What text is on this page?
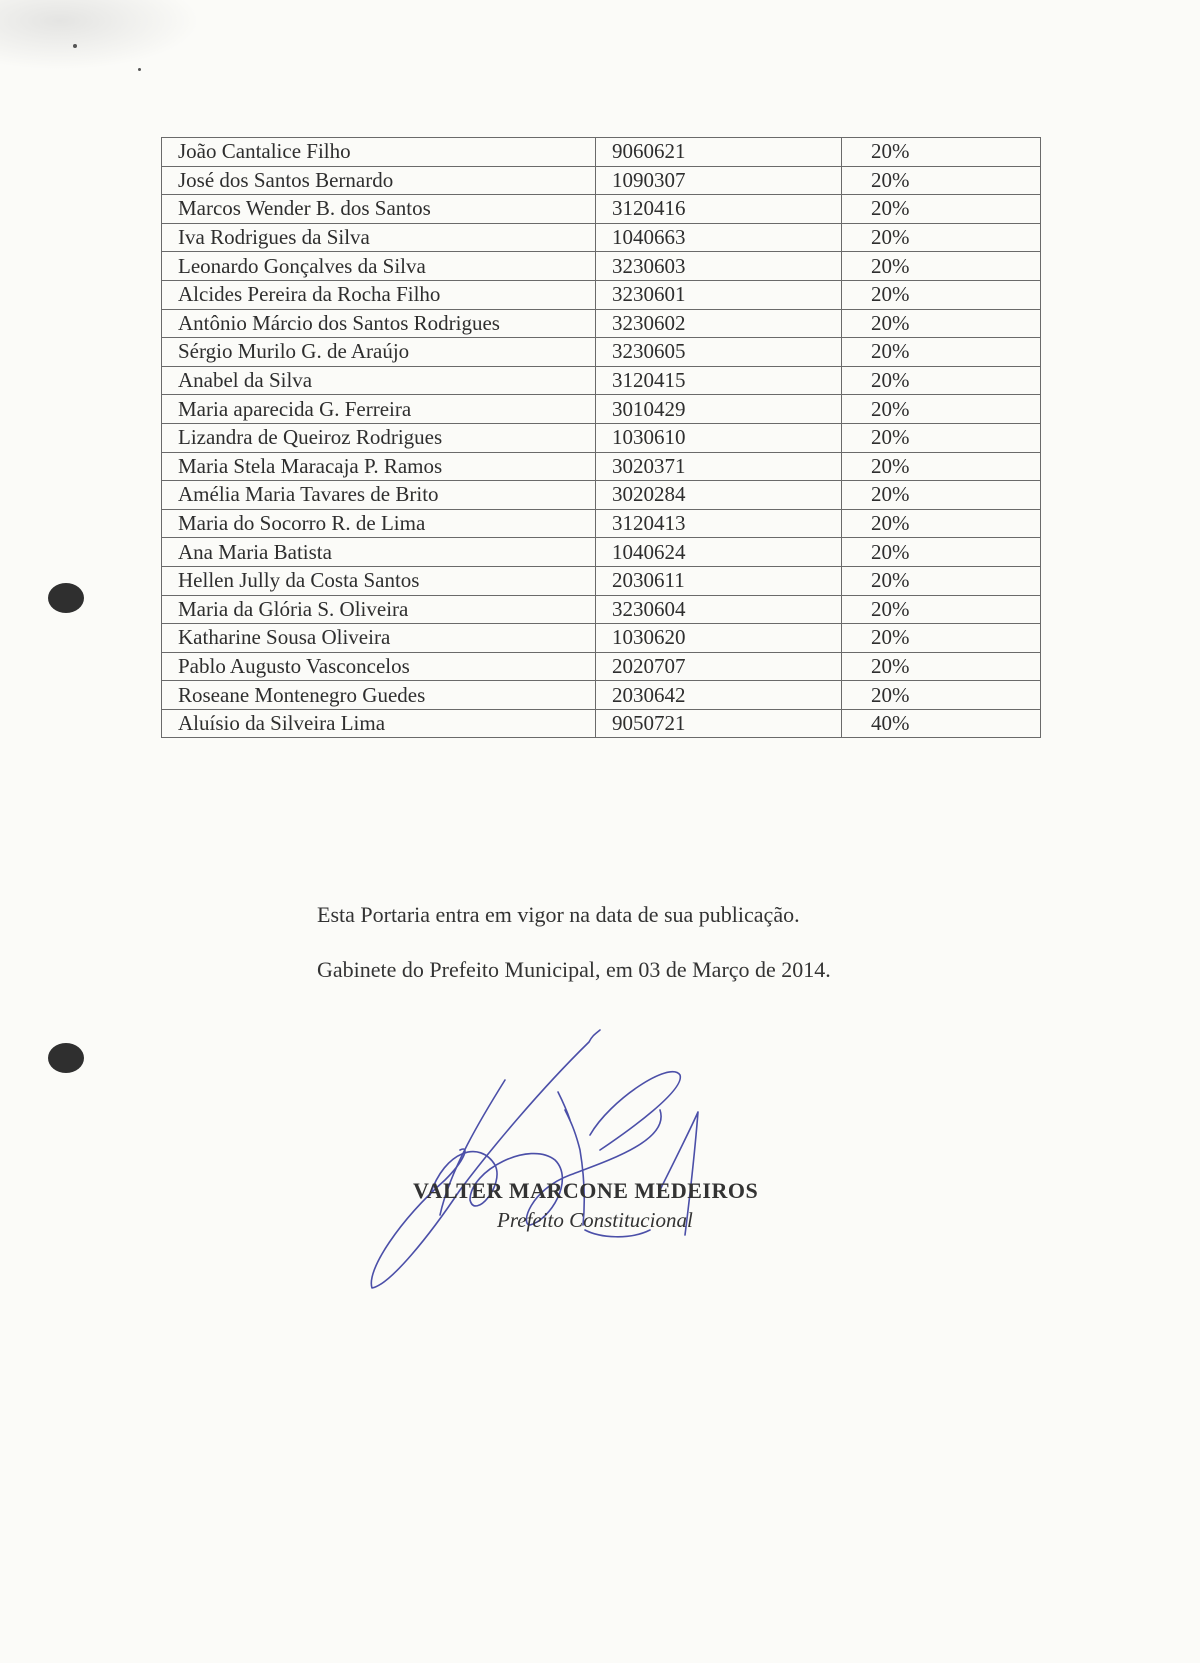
João Cantalice Filho	9060621	20%
José dos Santos Bernardo	1090307	20%
Marcos Wender B. dos Santos	3120416	20%
Iva Rodrigues da Silva	1040663	20%
Leonardo Gonçalves da Silva	3230603	20%
Alcides Pereira da Rocha Filho	3230601	20%
Antônio Márcio dos Santos Rodrigues	3230602	20%
Sérgio Murilo G. de Araújo	3230605	20%
Anabel da Silva	3120415	20%
Maria aparecida G. Ferreira	3010429	20%
Lizandra de Queiroz Rodrigues	1030610	20%
Maria Stela Maracaja P. Ramos	3020371	20%
Amélia Maria Tavares de Brito	3020284	20%
Maria do Socorro R. de Lima	3120413	20%
Ana Maria Batista	1040624	20%
Hellen Jully da Costa Santos	2030611	20%
Maria da Glória S. Oliveira	3230604	20%
Katharine Sousa Oliveira	1030620	20%
Pablo Augusto Vasconcelos	2020707	20%
Roseane Montenegro Guedes	2030642	20%
Aluísio da Silveira Lima	9050721	40%
Esta Portaria entra em vigor na data de sua publicação.
Gabinete do Prefeito Municipal, em 03 de Março de 2014.
VALTER MARCONE MEDEIROS
Prefeito Constitucional
